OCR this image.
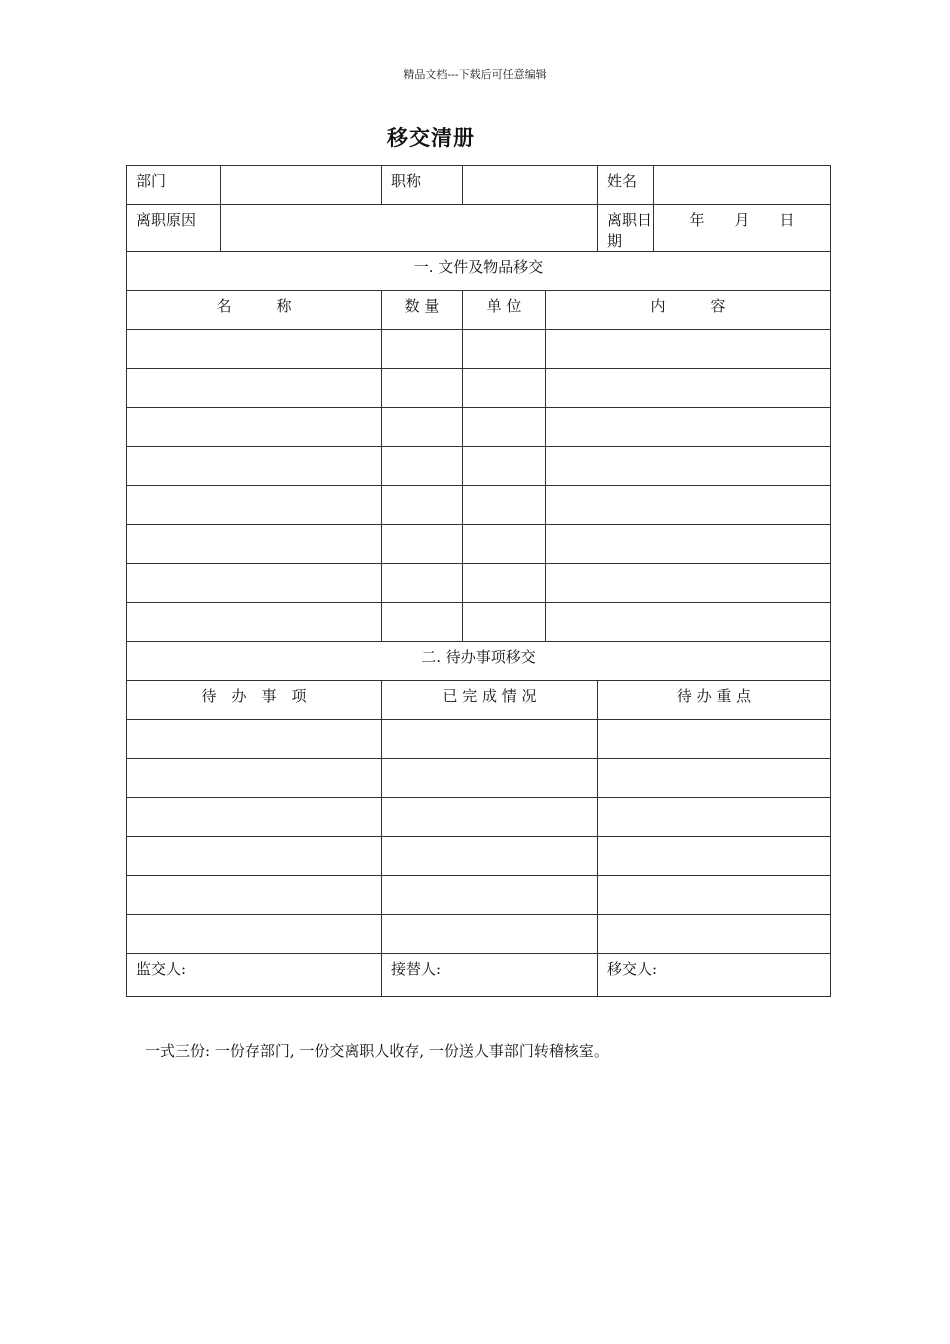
精品文档---下载后可任意编辑
移交清册
部门		职称			姓名	
离职原因					离职日期	年 月 日
一. 文件及物品移交						
名　　　称		数 量	单 位	内　　　容		

二. 待办事项移交						
待　办　事　项		已 完 成 情 况			待 办 重 点	

监交人:		接替人:			移交人:	
一式三份: 一份存部门, 一份交离职人收存, 一份送人事部门转稽核室。
